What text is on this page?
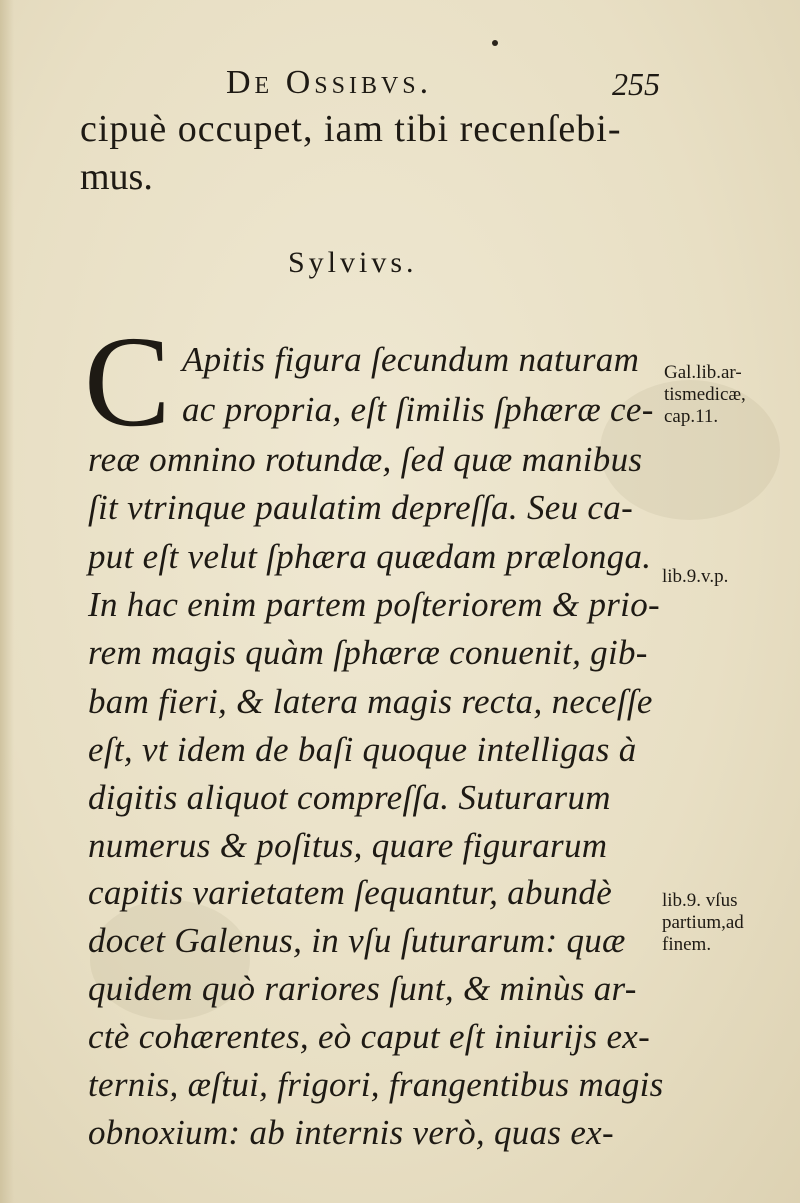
De Ossibvs.	255
cipuè occupet, iam tibi recenſebi-
mus.
Sylvivs.
C Apitis figura ſecundum naturam
ac propria, eſt ſimilis ſphæræ ce-
reæ omnino rotundæ, ſed quæ manibus
ſit vtrinque paulatim depreſſa. Seu ca-
put eſt velut ſphæra quædam prælonga.
In hac enim partem poſteriorem & prio-
rem magis quàm ſphæræ conuenit, gib-
bam fieri, & latera magis recta, neceſſe
eſt, vt idem de baſi quoque intelligas à
digitis aliquot compreſſa. Suturarum
numerus & poſitus, quare figurarum
capitis varietatem ſequantur, abundè
docet Galenus, in vſu ſuturarum: quæ
quidem quò rariores ſunt, & minùs ar-
ctè cohærentes, eò caput eſt iniurijs ex-
ternis, æſtui, frigori, frangentibus magis
obnoxium: ab internis verò, quas ex-
Gal.lib.ar-
tismedicæ,
cap.11.
lib.9.v.p.
lib.9. vſus
partium,ad
finem.
